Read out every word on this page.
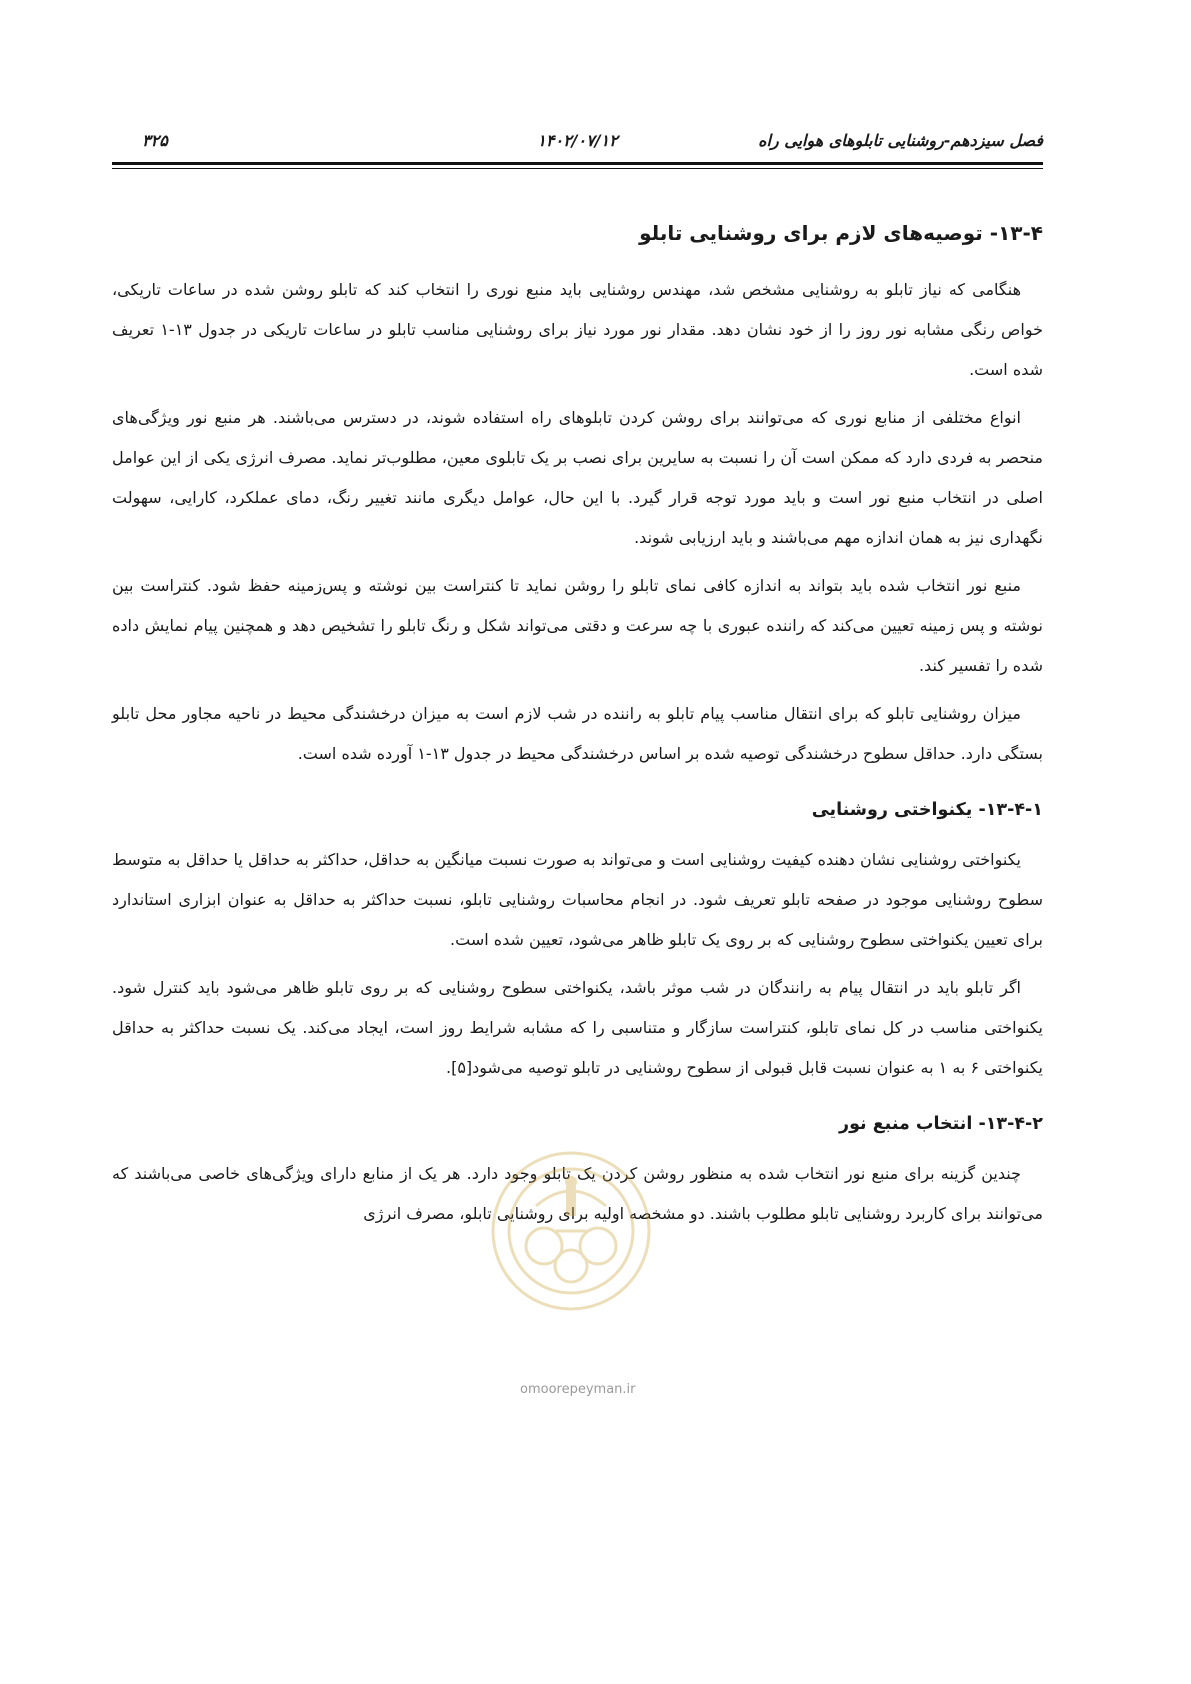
فصل سیزدهم-روشنایی تابلوهای هوایی راه
۱۴۰۲/۰۷/۱۲
۳۲۵
۱۳-۴- توصیه‌های لازم برای روشنایی تابلو

هنگامی که نیاز تابلو به روشنایی مشخص شد، مهندس روشنایی باید منبع نوری را انتخاب کند که تابلو روشن شده در ساعات تاریکی، خواص رنگی مشابه نور روز را از خود نشان دهد. مقدار نور مورد نیاز برای روشنایی مناسب تابلو در ساعات تاریکی در جدول ۱۳-۱ تعریف شده است.

انواع مختلفی از منابع نوری که می‌توانند برای روشن کردن تابلوهای راه استفاده شوند، در دسترس می‌باشند. هر منبع نور ویژگی‌های منحصر به فردی دارد که ممکن است آن را نسبت به سایرین برای نصب بر یک تابلوی معین، مطلوب‌تر نماید. مصرف انرژی یکی از این عوامل اصلی در انتخاب منبع نور است و باید مورد توجه قرار گیرد. با این حال، عوامل دیگری مانند تغییر رنگ، دمای عملکرد، کارایی، سهولت نگهداری نیز به همان اندازه مهم می‌باشند و باید ارزیابی شوند.

منبع نور انتخاب شده باید بتواند به اندازه کافی نمای تابلو را روشن نماید تا کنتراست بین نوشته و پس‌زمینه حفظ شود. کنتراست بین نوشته و پس زمینه تعیین می‌کند که راننده عبوری با چه سرعت و دقتی می‌تواند شکل و رنگ تابلو را تشخیص دهد و همچنین پیام نمایش داده شده را تفسیر کند.

میزان روشنایی تابلو که برای انتقال مناسب پیام تابلو به راننده در شب لازم است به میزان درخشندگی محیط در ناحیه مجاور محل تابلو بستگی دارد. حداقل سطوح درخشندگی توصیه شده بر اساس درخشندگی محیط در جدول ۱۳-۱ آورده شده است.

۱۳-۴-۱- یکنواختی روشنایی

یکنواختی روشنایی نشان دهنده کیفیت روشنایی است و می‌تواند به صورت نسبت میانگین به حداقل، حداکثر به حداقل یا حداقل به متوسط سطوح روشنایی موجود در صفحه تابلو تعریف شود. در انجام محاسبات روشنایی تابلو، نسبت حداکثر به حداقل به عنوان ابزاری استاندارد برای تعیین یکنواختی سطوح روشنایی که بر روی یک تابلو ظاهر می‌شود، تعیین شده است.

اگر تابلو باید در انتقال پیام به رانندگان در شب موثر باشد، یکنواختی سطوح روشنایی که بر روی تابلو ظاهر می‌شود باید کنترل شود. یکنواختی مناسب در کل نمای تابلو، کنتراست سازگار و متناسبی را که مشابه شرایط روز است، ایجاد می‌کند. یک نسبت حداکثر به حداقل یکنواختی ۶ به ۱ به عنوان نسبت قابل قبولی از سطوح روشنایی در تابلو توصیه می‌شود[۵].

۱۳-۴-۲- انتخاب منبع نور

چندین گزینه برای منبع نور انتخاب شده به منظور روشن کردن یک تابلو وجود دارد. هر یک از منابع دارای ویژگی‌های خاصی می‌باشند که می‌توانند برای کاربرد روشنایی تابلو مطلوب باشند. دو مشخصه اولیه برای روشنایی تابلو، مصرف انرژی

omoorepeyman.ir
